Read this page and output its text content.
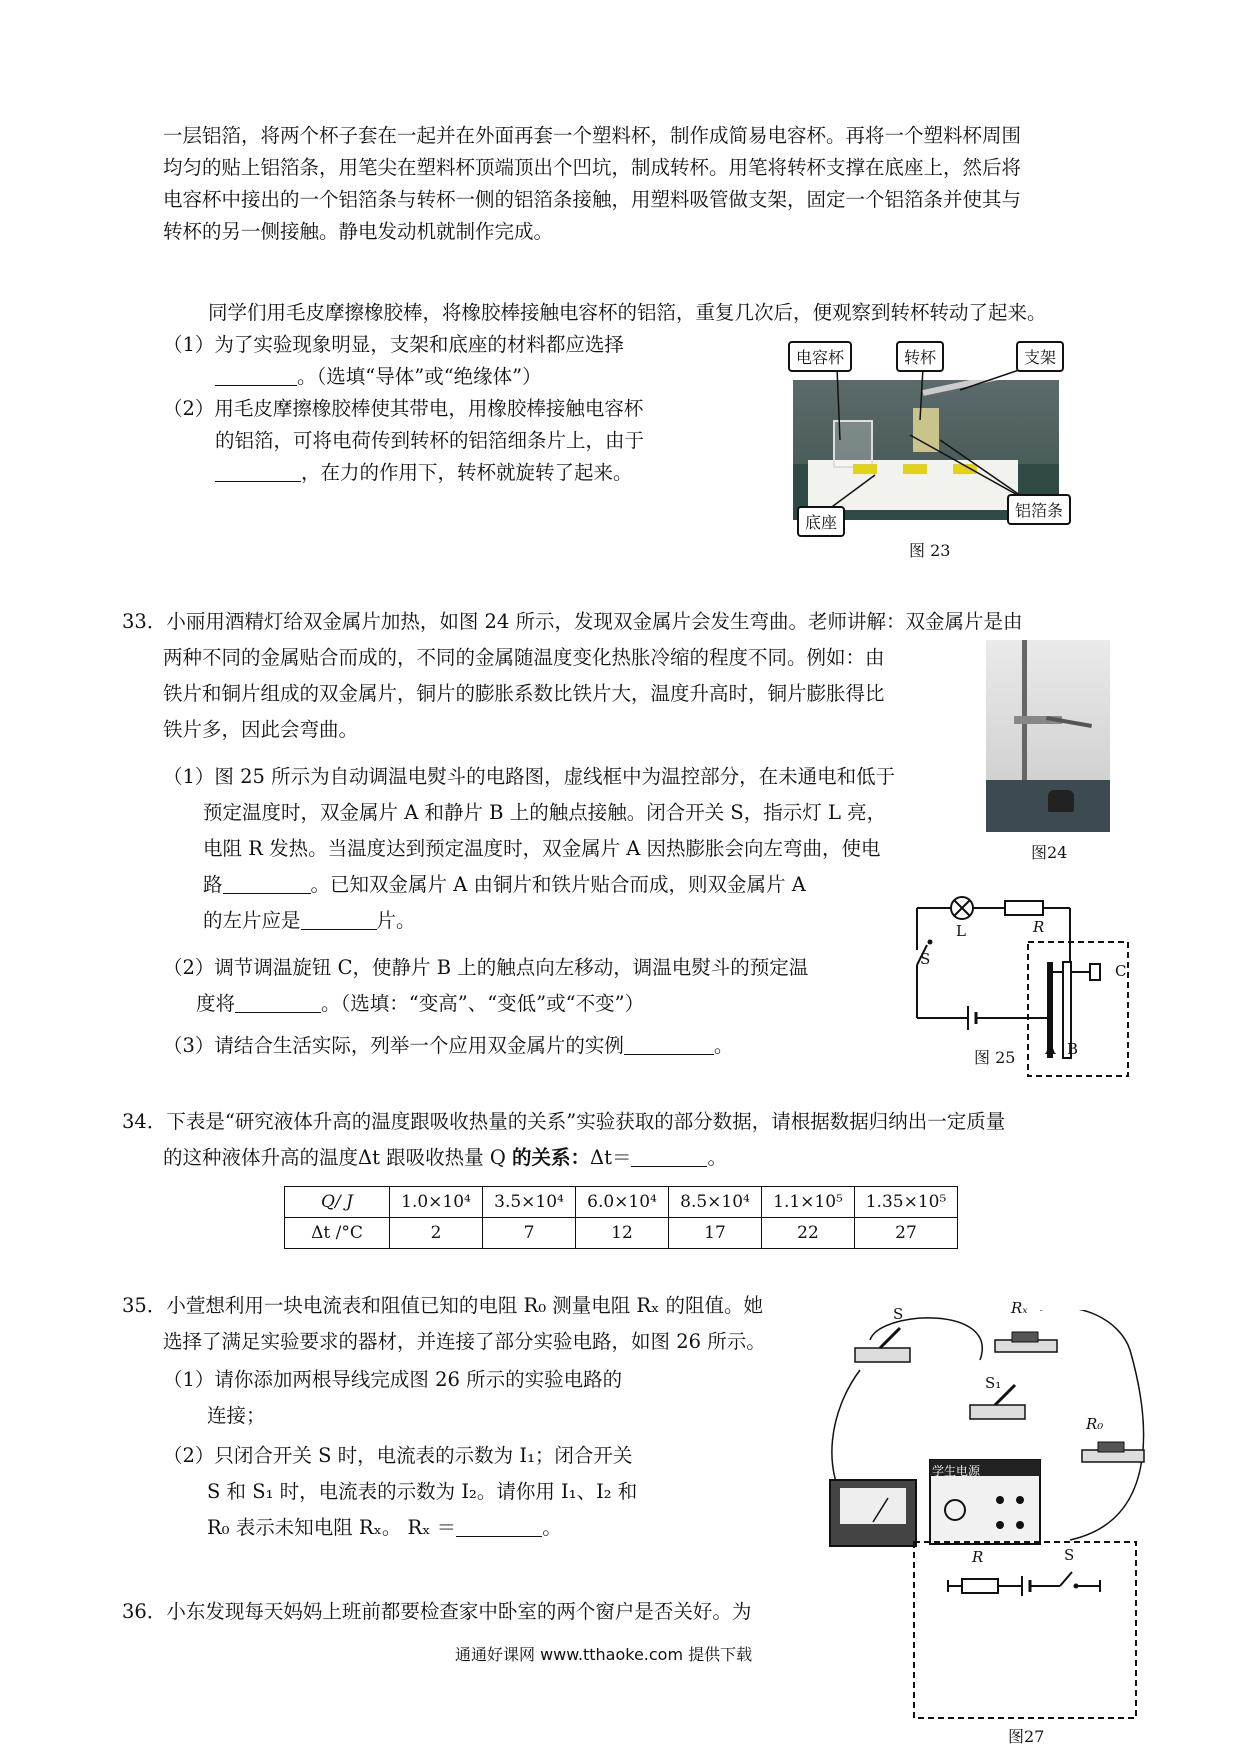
一层铝箔，将两个杯子套在一起并在外面再套一个塑料杯，制作成简易电容杯。再将一个塑料杯周围
均匀的贴上铝箔条，用笔尖在塑料杯顶端顶出个凹坑，制成转杯。用笔将转杯支撑在底座上，然后将
电容杯中接出的一个铝箔条与转杯一侧的铝箔条接触，用塑料吸管做支架，固定一个铝箔条并使其与
转杯的另一侧接触。静电发动机就制作完成。
同学们用毛皮摩擦橡胶棒，将橡胶棒接触电容杯的铝箔，重复几次后，便观察到转杯转动了起来。
（1）为了实验现象明显，支架和底座的材料都应选择
。（选填“导体”或“绝缘体”）
（2）用毛皮摩擦橡胶棒使其带电，用橡胶棒接触电容杯
的铝箔，可将电荷传到转杯的铝箔细条片上，由于
，在力的作用下，转杯就旋转了起来。
电容杯	转杯	支架
底座
铝箔条
图 23
33．小丽用酒精灯给双金属片加热，如图 24 所示，发现双金属片会发生弯曲。老师讲解：双金属片是由
两种不同的金属贴合而成的，不同的金属随温度变化热胀冷缩的程度不同。例如：由
铁片和铜片组成的双金属片，铜片的膨胀系数比铁片大，温度升高时，铜片膨胀得比
铁片多，因此会弯曲。
（1）图 25 所示为自动调温电熨斗的电路图，虚线框中为温控部分，在未通电和低于
预定温度时，双金属片 A 和静片 B 上的触点接触。闭合开关 S，指示灯 L 亮，
电阻 R 发热。当温度达到预定温度时，双金属片 A 因热膨胀会向左弯曲，使电
路	。已知双金属片 A 由铜片和铁片贴合而成，则双金属片 A
的左片应是	片。
（2）调节调温旋钮 C，使静片 B 上的触点向左移动，调温电熨斗的预定温
度将	。（选填：“变高”、“变低”或“不变”）
（3）请结合生活实际，列举一个应用双金属片的实例	。
图24
L	R
S
C
A B
图 25
34．下表是“研究液体升高的温度跟吸收热量的关系”实验获取的部分数据，请根据数据归纳出一定质量
的这种液体升高的温度Δt 跟吸收热量 Q 的关系：Δt＝	。
Q/ J	1.0×10⁴	3.5×10⁴	6.0×10⁴	8.5×10⁴	1.1×10⁵	1.35×10⁵
Δt /°C	2	7	12	17	22	27
35．小萱想利用一块电流表和阻值已知的电阻 R₀ 测量电阻 Rₓ 的阻值。她
选择了满足实验要求的器材，并连接了部分实验电路，如图 26 所示。
（1）请你添加两根导线完成图 26 所示的实验电路的
连接；
（2）只闭合开关 S 时，电流表的示数为 I₁；闭合开关
S 和 S₁ 时，电流表的示数为 I₂。请你用 I₁、I₂ 和
R₀ 表示未知电阻 Rₓ。 Rₓ ＝	。
S	Rₓ
S₁
R₀
学生电源
R	S
图27
36．小东发现每天妈妈上班前都要检查家中卧室的两个窗户是否关好。为
通通好课网 www.tthaoke.com 提供下载
